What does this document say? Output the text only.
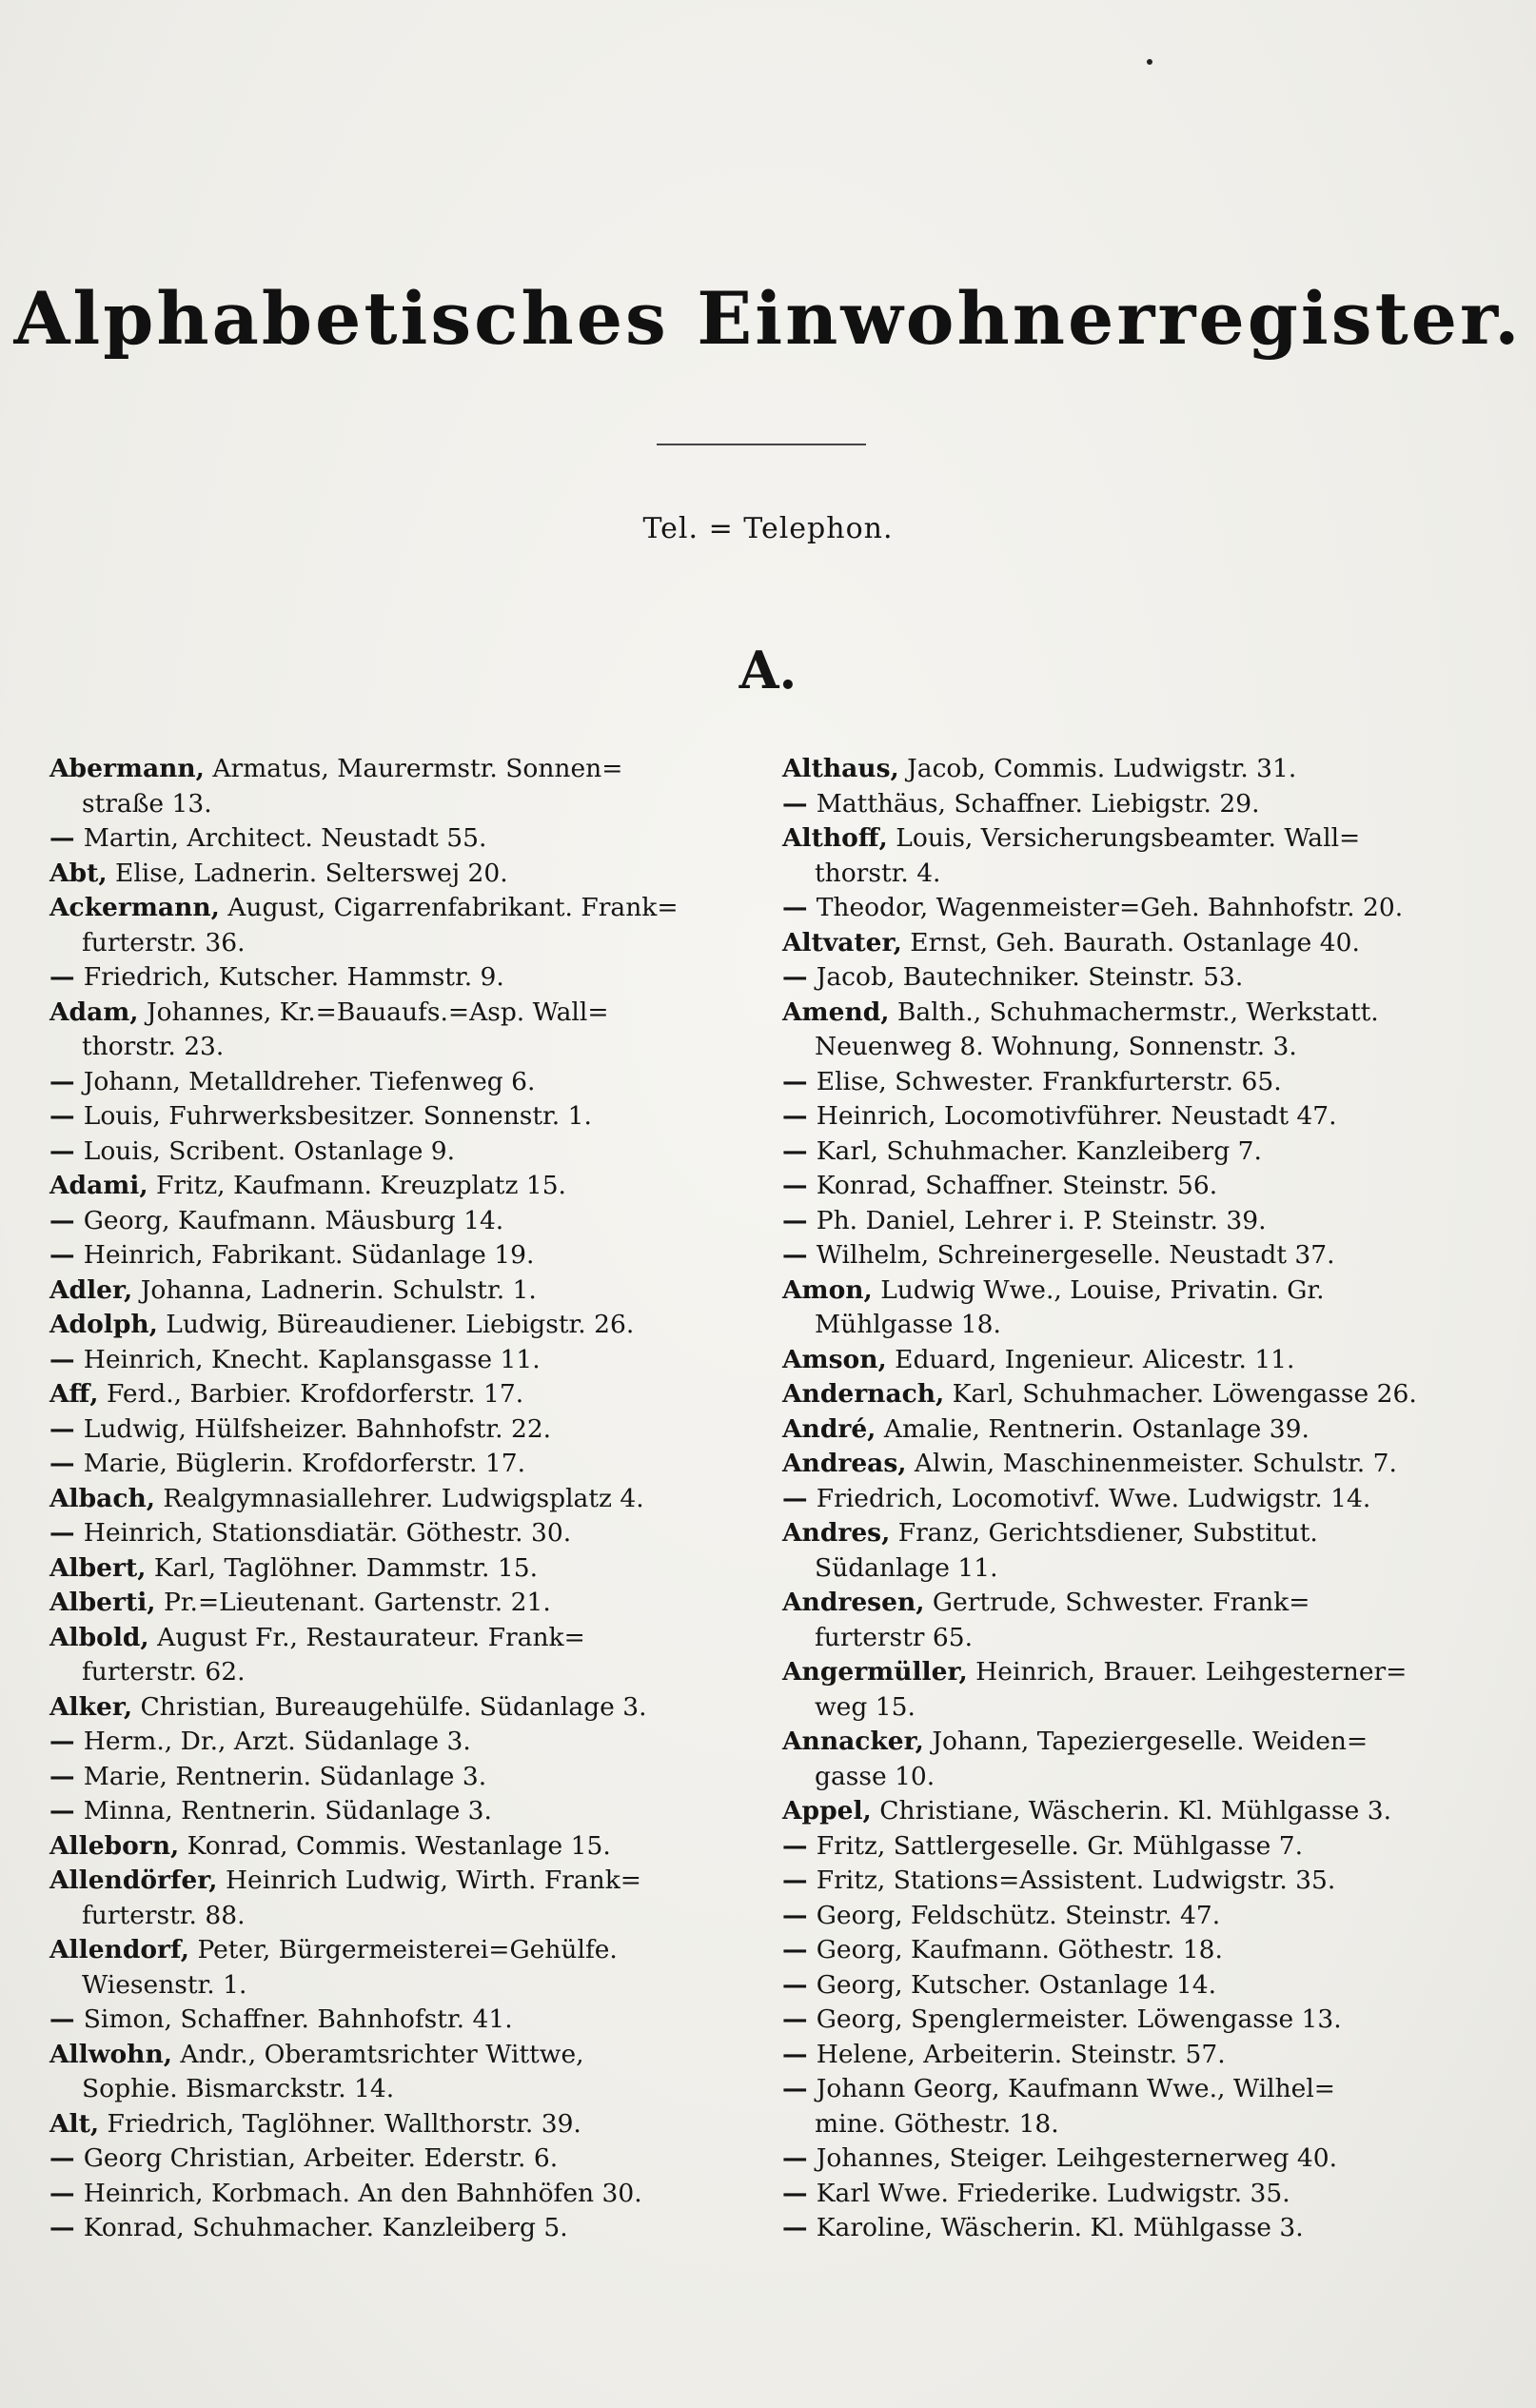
Alphabetisches Einwohnerregister.
Tel. = Telephon.
A.
Abermann, Armatus, Maurermstr. Sonnen=
straße 13.
— Martin, Architect. Neustadt 55.
Abt, Elise, Ladnerin. Selterswej 20.
Ackermann, August, Cigarrenfabrikant. Frank=
furterstr. 36.
— Friedrich, Kutscher. Hammstr. 9.
Adam, Johannes, Kr.=Bauaufs.=Asp. Wall=
thorstr. 23.
— Johann, Metalldreher. Tiefenweg 6.
— Louis, Fuhrwerksbesitzer. Sonnenstr. 1.
— Louis, Scribent. Ostanlage 9.
Adami, Fritz, Kaufmann. Kreuzplatz 15.
— Georg, Kaufmann. Mäusburg 14.
— Heinrich, Fabrikant. Südanlage 19.
Adler, Johanna, Ladnerin. Schulstr. 1.
Adolph, Ludwig, Büreaudiener. Liebigstr. 26.
— Heinrich, Knecht. Kaplansgasse 11.
Aff, Ferd., Barbier. Krofdorferstr. 17.
— Ludwig, Hülfsheizer. Bahnhofstr. 22.
— Marie, Büglerin. Krofdorferstr. 17.
Albach, Realgymnasiallehrer. Ludwigsplatz 4.
— Heinrich, Stationsdiatär. Göthestr. 30.
Albert, Karl, Taglöhner. Dammstr. 15.
Alberti, Pr.=Lieutenant. Gartenstr. 21.
Albold, August Fr., Restaurateur. Frank=
furterstr. 62.
Alker, Christian, Bureaugehülfe. Südanlage 3.
— Herm., Dr., Arzt. Südanlage 3.
— Marie, Rentnerin. Südanlage 3.
— Minna, Rentnerin. Südanlage 3.
Alleborn, Konrad, Commis. Westanlage 15.
Allendörfer, Heinrich Ludwig, Wirth. Frank=
furterstr. 88.
Allendorf, Peter, Bürgermeisterei=Gehülfe.
Wiesenstr. 1.
— Simon, Schaffner. Bahnhofstr. 41.
Allwohn, Andr., Oberamtsrichter Wittwe,
Sophie. Bismarckstr. 14.
Alt, Friedrich, Taglöhner. Wallthorstr. 39.
— Georg Christian, Arbeiter. Ederstr. 6.
— Heinrich, Korbmach. An den Bahnhöfen 30.
— Konrad, Schuhmacher. Kanzleiberg 5.
Althaus, Jacob, Commis. Ludwigstr. 31.
— Matthäus, Schaffner. Liebigstr. 29.
Althoff, Louis, Versicherungsbeamter. Wall=
thorstr. 4.
— Theodor, Wagenmeister=Geh. Bahnhofstr. 20.
Altvater, Ernst, Geh. Baurath. Ostanlage 40.
— Jacob, Bautechniker. Steinstr. 53.
Amend, Balth., Schuhmachermstr., Werkstatt.
Neuenweg 8. Wohnung, Sonnenstr. 3.
— Elise, Schwester. Frankfurterstr. 65.
— Heinrich, Locomotivführer. Neustadt 47.
— Karl, Schuhmacher. Kanzleiberg 7.
— Konrad, Schaffner. Steinstr. 56.
— Ph. Daniel, Lehrer i. P. Steinstr. 39.
— Wilhelm, Schreinergeselle. Neustadt 37.
Amon, Ludwig Wwe., Louise, Privatin. Gr.
Mühlgasse 18.
Amson, Eduard, Ingenieur. Alicestr. 11.
Andernach, Karl, Schuhmacher. Löwengasse 26.
André, Amalie, Rentnerin. Ostanlage 39.
Andreas, Alwin, Maschinenmeister. Schulstr. 7.
— Friedrich, Locomotivf. Wwe. Ludwigstr. 14.
Andres, Franz, Gerichtsdiener, Substitut.
Südanlage 11.
Andresen, Gertrude, Schwester. Frank=
furterstr 65.
Angermüller, Heinrich, Brauer. Leihgesterner=
weg 15.
Annacker, Johann, Tapeziergeselle. Weiden=
gasse 10.
Appel, Christiane, Wäscherin. Kl. Mühlgasse 3.
— Fritz, Sattlergeselle. Gr. Mühlgasse 7.
— Fritz, Stations=Assistent. Ludwigstr. 35.
— Georg, Feldschütz. Steinstr. 47.
— Georg, Kaufmann. Göthestr. 18.
— Georg, Kutscher. Ostanlage 14.
— Georg, Spenglermeister. Löwengasse 13.
— Helene, Arbeiterin. Steinstr. 57.
— Johann Georg, Kaufmann Wwe., Wilhel=
mine. Göthestr. 18.
— Johannes, Steiger. Leihgesternerweg 40.
— Karl Wwe. Friederike. Ludwigstr. 35.
— Karoline, Wäscherin. Kl. Mühlgasse 3.
